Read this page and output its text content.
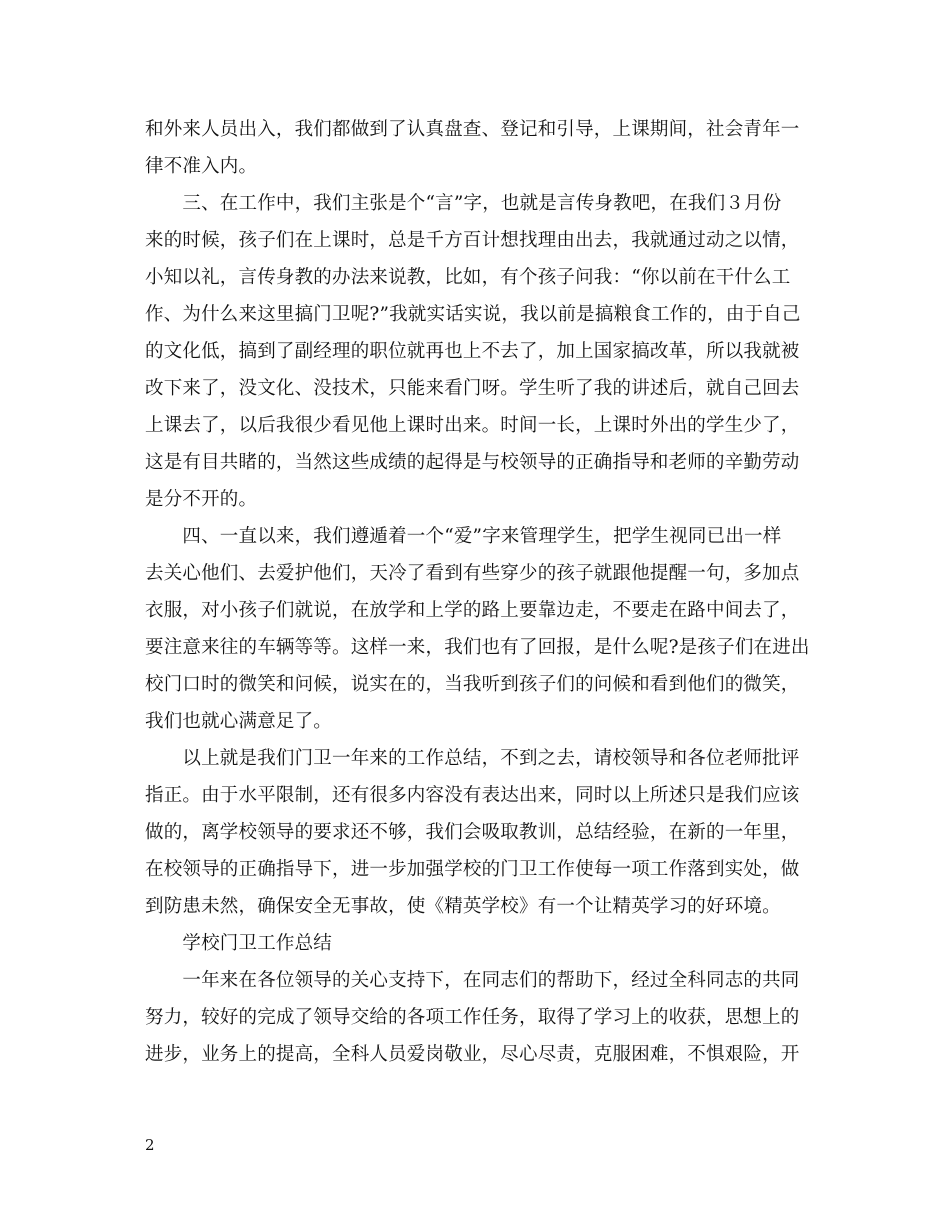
和外来人员出入，我们都做到了认真盘查、登记和引导，上课期间，社会青年一
律不准入内。
　　三、在工作中，我们主张是个“言”字，也就是言传身教吧，在我们３月份
来的时候，孩子们在上课时，总是千方百计想找理由出去，我就通过动之以情，
小知以礼，言传身教的办法来说教，比如，有个孩子问我：“你以前在干什么工
作、为什么来这里搞门卫呢?”我就实话实说，我以前是搞粮食工作的，由于自己
的文化低，搞到了副经理的职位就再也上不去了，加上国家搞改革，所以我就被
改下来了，没文化、没技术，只能来看门呀。学生听了我的讲述后，就自己回去
上课去了，以后我很少看见他上课时出来。时间一长，上课时外出的学生少了，
这是有目共睹的，当然这些成绩的起得是与校领导的正确指导和老师的辛勤劳动
是分不开的。
　　四、一直以来，我们遵遁着一个“爱”字来管理学生，把学生视同已出一样
去关心他们、去爱护他们，天冷了看到有些穿少的孩子就跟他提醒一句，多加点
衣服，对小孩子们就说，在放学和上学的路上要靠边走，不要走在路中间去了，
要注意来往的车辆等等。这样一来，我们也有了回报，是什么呢?是孩子们在进出
校门口时的微笑和问候，说实在的，当我听到孩子们的问候和看到他们的微笑，
我们也就心满意足了。
　　以上就是我们门卫一年来的工作总结，不到之去，请校领导和各位老师批评
指正。由于水平限制，还有很多内容没有表达出来，同时以上所述只是我们应该
做的，离学校领导的要求还不够，我们会吸取教训，总结经验，在新的一年里，
在校领导的正确指导下，进一步加强学校的门卫工作使每一项工作落到实处，做
到防患未然，确保安全无事故，使《精英学校》有一个让精英学习的好环境。
　　学校门卫工作总结
　　一年来在各位领导的关心支持下，在同志们的帮助下，经过全科同志的共同
努力，较好的完成了领导交给的各项工作任务，取得了学习上的收获，思想上的
进步，业务上的提高，全科人员爱岗敬业，尽心尽责，克服困难，不惧艰险，开
2
